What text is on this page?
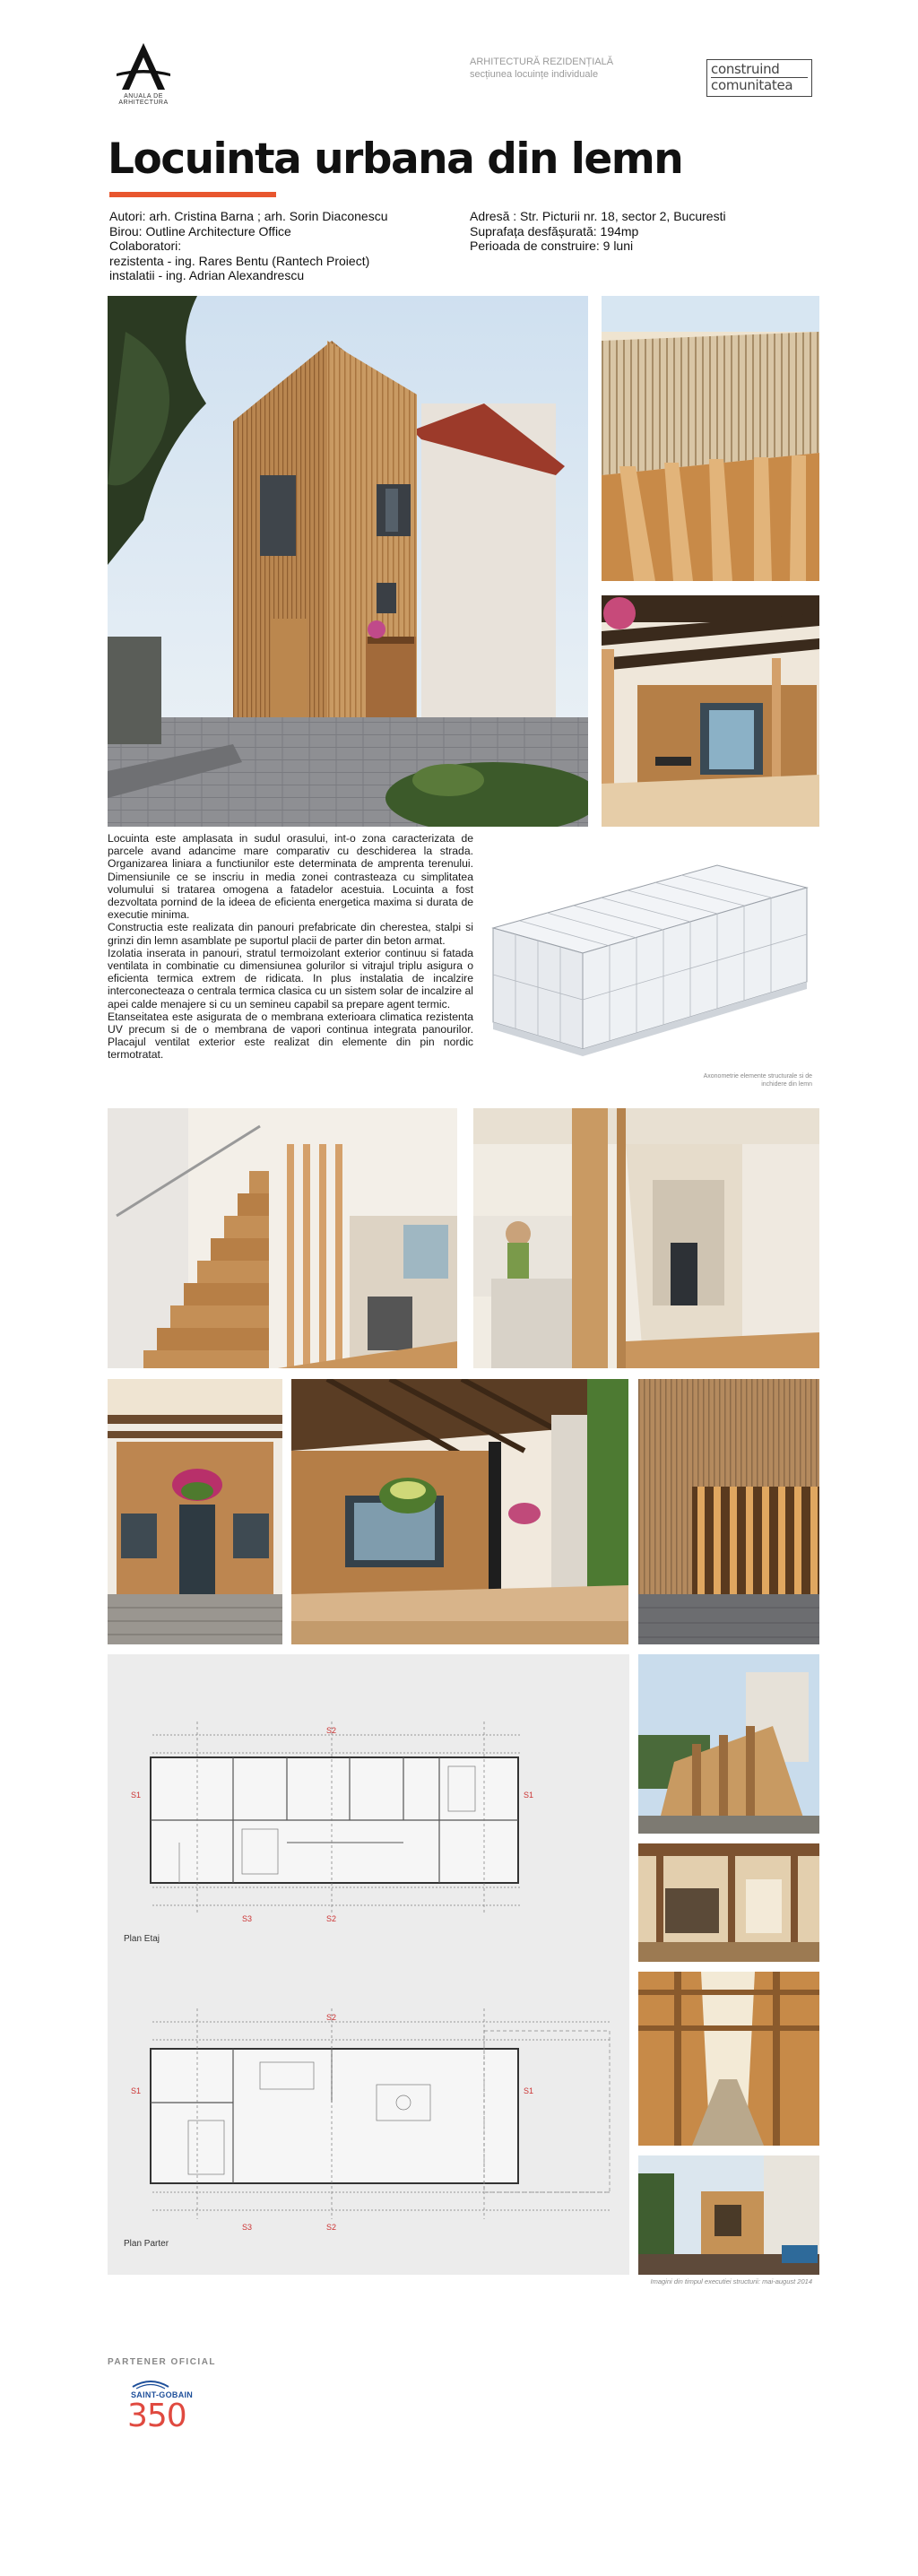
ANUALA DE ARHITECTURA
ARHITECTURĂ REZIDENȚIALĂ
secțiunea locuințe individuale	construind
comunitatea
Locuinta urbana din lemn
Autori: arh. Cristina Barna ; arh. Sorin Diaconescu
Birou: Outline Architecture Office
Colaboratori:
rezistenta - ing. Rares Bentu (Rantech Proiect)
instalatii - ing. Adrian Alexandrescu
Adresă : Str. Picturii nr. 18, sector 2, Bucuresti
Suprafața desfășurată: 194mp
Perioada de construire: 9 luni

Locuinta este amplasata in sudul orasului, int-o zona caracterizata de parcele avand adancime mare comparativ cu deschiderea la strada. Organizarea liniara a functiunilor este determinata de amprenta terenului. Dimensiunile ce se inscriu in media zonei contrasteaza cu simplitatea volumului si tratarea omogena a fatadelor acestuia. Locuinta a fost dezvoltata pornind de la ideea de eficienta energetica maxima si durata de executie minima.

Constructia este realizata din panouri prefabricate din cherestea, stalpi si grinzi din lemn asamblate pe suportul placii de parter din beton armat.

Izolatia inserata in panouri, stratul termoizolant exterior continuu si fatada ventilata in combinatie cu dimensiunea golurilor si vitrajul triplu asigura o eficienta termica extrem de ridicata. In plus instalatia de incalzire interconecteaza o centrala termica clasica cu un sistem solar de incalzire al apei calde menajere si cu un semineu capabil sa prepare agent termic.

Etanseitatea este asigurata de o membrana exterioara climatica rezistenta UV precum si de o membrana de vapori continua integrata panourilor. Placajul ventilat exterior este realizat din elemente din pin nordic termotratat.

Axonometrie elemente structurale si de inchidere din lemn
S2
S1	S1
S3	S2
S2
S1	S1
S3	S2
Plan Etaj
Plan Parter
Imagini din timpul executiei structurii: mai-august 2014
PARTENER OFICIAL
SAINT-GOBAIN
350
